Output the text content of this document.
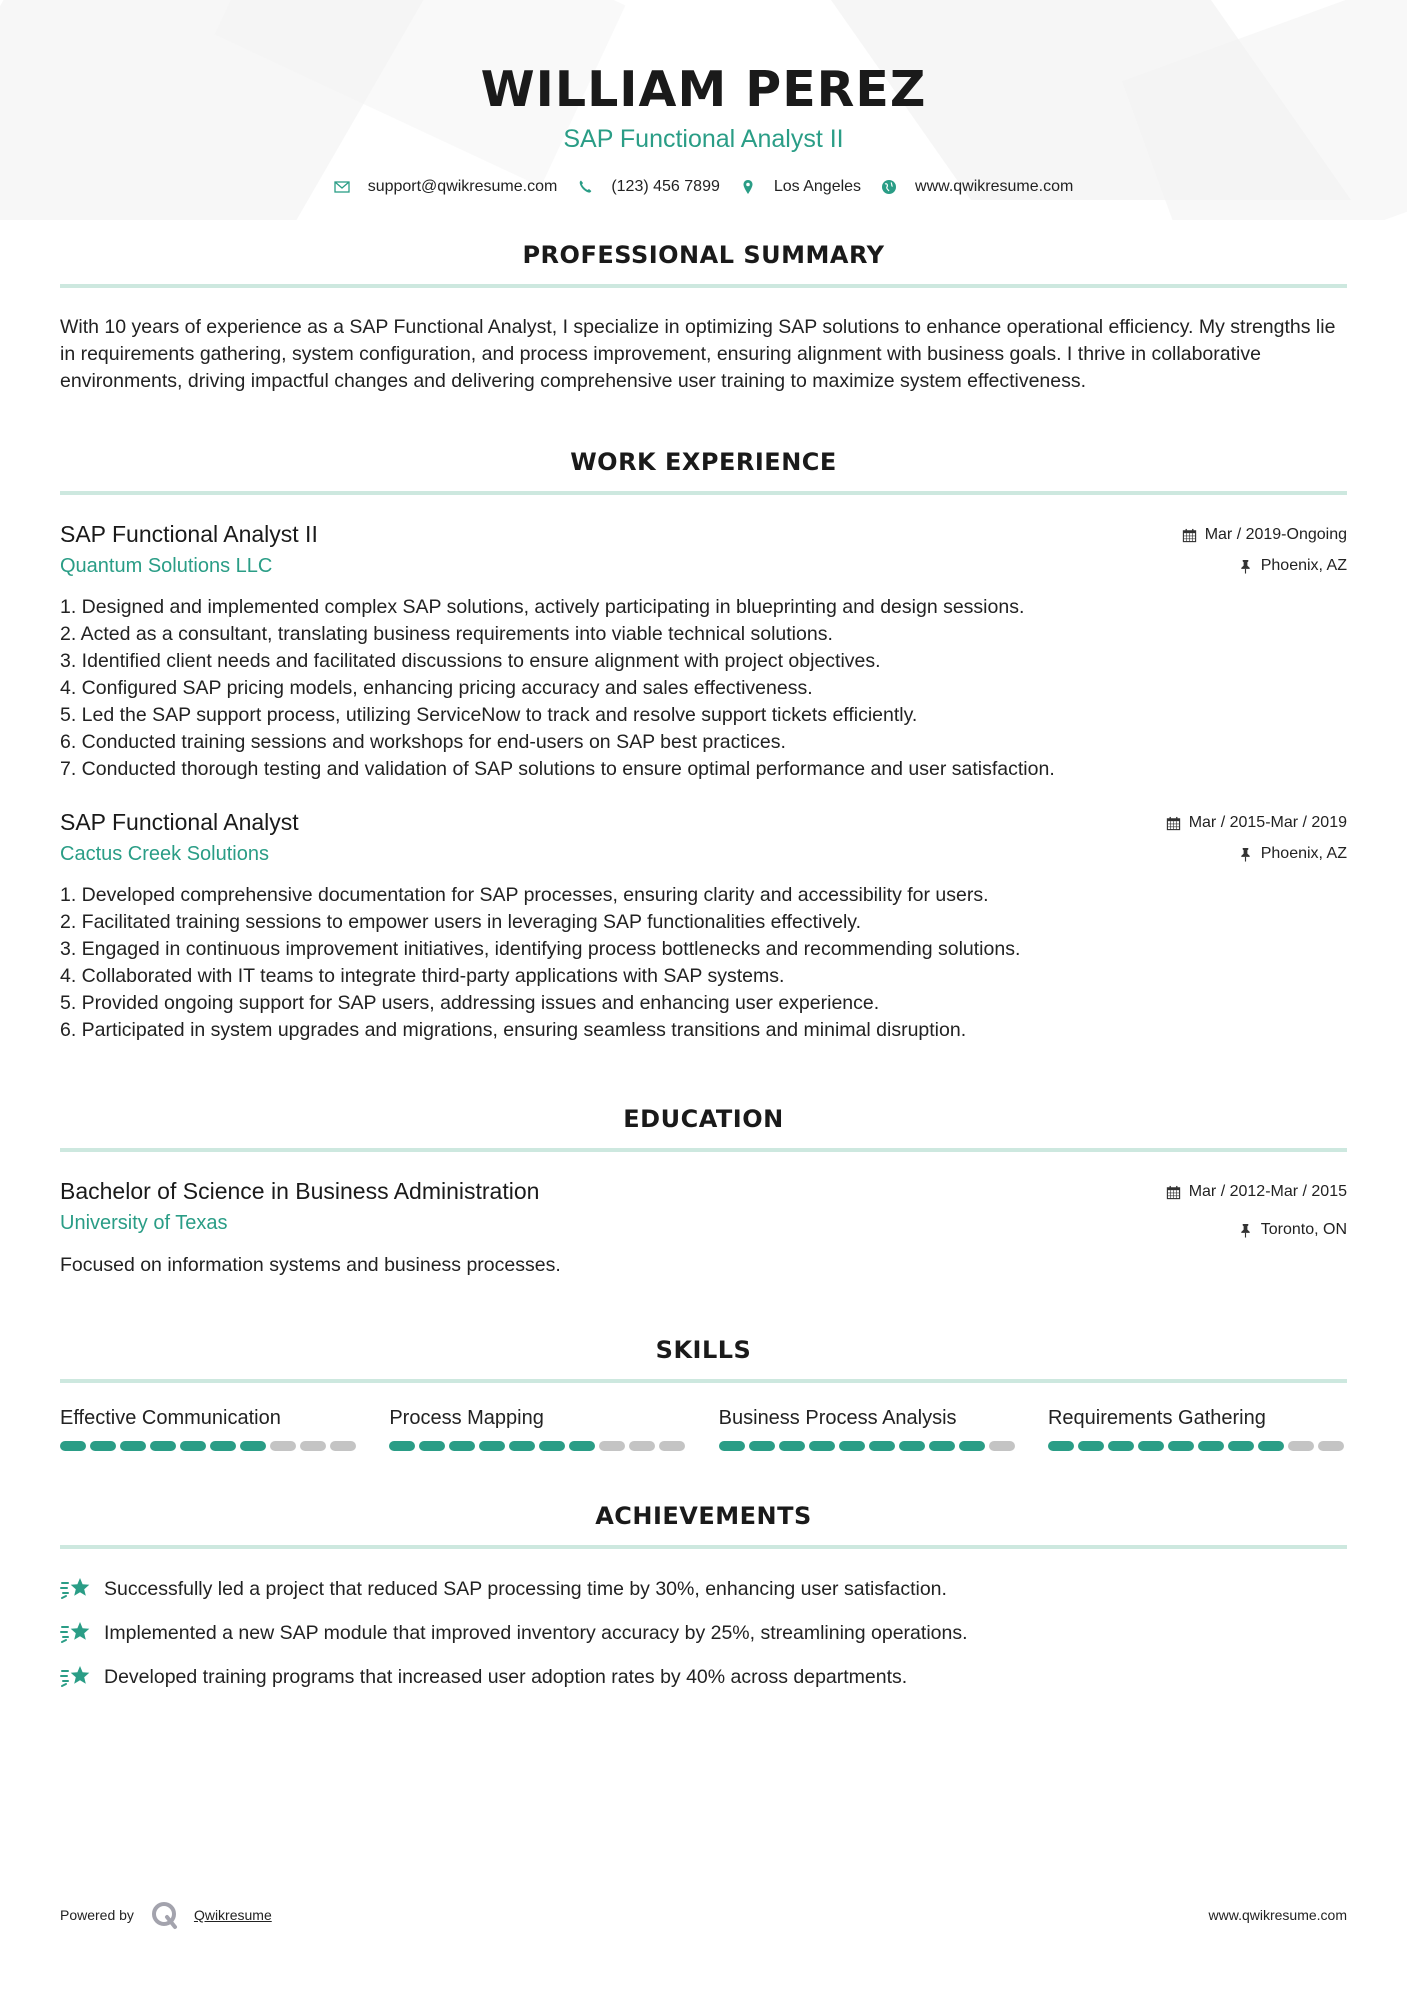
WILLIAM PEREZ
SAP Functional Analyst II
support@qwikresume.com	(123) 456 7899	Los Angeles	www.qwikresume.com
PROFESSIONAL SUMMARY

With 10 years of experience as a SAP Functional Analyst, I specialize in optimizing SAP solutions to enhance operational efficiency. My strengths lie in requirements gathering, system configuration, and process improvement, ensuring alignment with business goals. I thrive in collaborative environments, driving impactful changes and delivering comprehensive user training to maximize system effectiveness.

WORK EXPERIENCE
SAP Functional Analyst II
Quantum Solutions LLC
Mar / 2019-Ongoing
Phoenix, AZ
1. Designed and implemented complex SAP solutions, actively participating in blueprinting and design sessions.
2. Acted as a consultant, translating business requirements into viable technical solutions.
3. Identified client needs and facilitated discussions to ensure alignment with project objectives.
4. Configured SAP pricing models, enhancing pricing accuracy and sales effectiveness.
5. Led the SAP support process, utilizing ServiceNow to track and resolve support tickets efficiently.
6. Conducted training sessions and workshops for end-users on SAP best practices.
7. Conducted thorough testing and validation of SAP solutions to ensure optimal performance and user satisfaction.
SAP Functional Analyst
Cactus Creek Solutions
Mar / 2015-Mar / 2019
Phoenix, AZ
1. Developed comprehensive documentation for SAP processes, ensuring clarity and accessibility for users.
2. Facilitated training sessions to empower users in leveraging SAP functionalities effectively.
3. Engaged in continuous improvement initiatives, identifying process bottlenecks and recommending solutions.
4. Collaborated with IT teams to integrate third-party applications with SAP systems.
5. Provided ongoing support for SAP users, addressing issues and enhancing user experience.
6. Participated in system upgrades and migrations, ensuring seamless transitions and minimal disruption.
EDUCATION
Bachelor of Science in Business Administration
University of Texas
Mar / 2012-Mar / 2015
Toronto, ON

Focused on information systems and business processes.

SKILLS
Effective Communication	Process Mapping	Business Process Analysis	Requirements Gathering
ACHIEVEMENTS
Successfully led a project that reduced SAP processing time by 30%, enhancing user satisfaction.
Implemented a new SAP module that improved inventory accuracy by 25%, streamlining operations.
Developed training programs that increased user adoption rates by 40% across departments.
Powered by	Qwikresume	www.qwikresume.com
